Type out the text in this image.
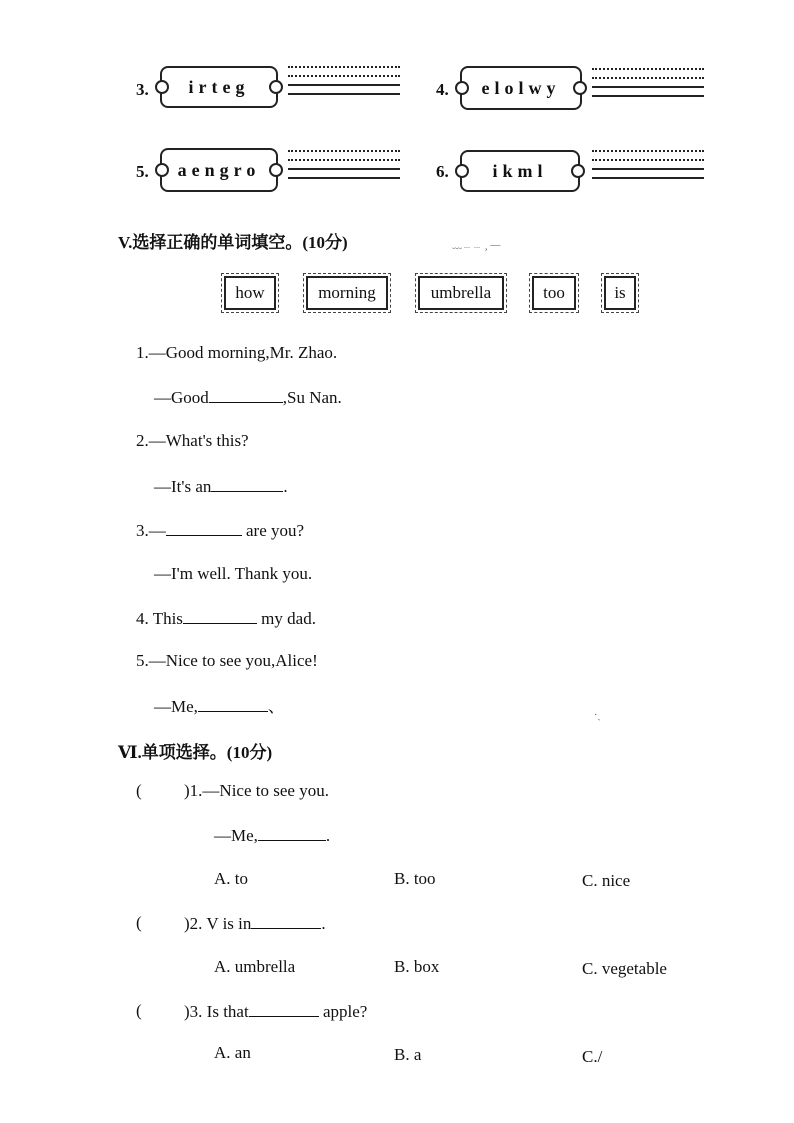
3. irteg	4. elolwy
5. aengro	6. ikml
V.选择正确的单词填空。(10分)	﹏﹍﹍ ¸ —
how	morning	umbrella	too	is
1.—Good morning,Mr. Zhao.
—Good	,Su Nan.
2.—What's this?
—It's an	.
3.—	are you?
—I'm well. Thank you.
4. This	my dad.
5.—Nice to see you,Alice!
—Me,	、	·ˎ
Ⅵ.单项选择。(10分)
( )1.—Nice to see you.
—Me,	.
A. to	B. too	C. nice
( )2. V is in	.
A. umbrella	B. box	C. vegetable
( )3. Is that	apple?
A. an	B. a	C./
